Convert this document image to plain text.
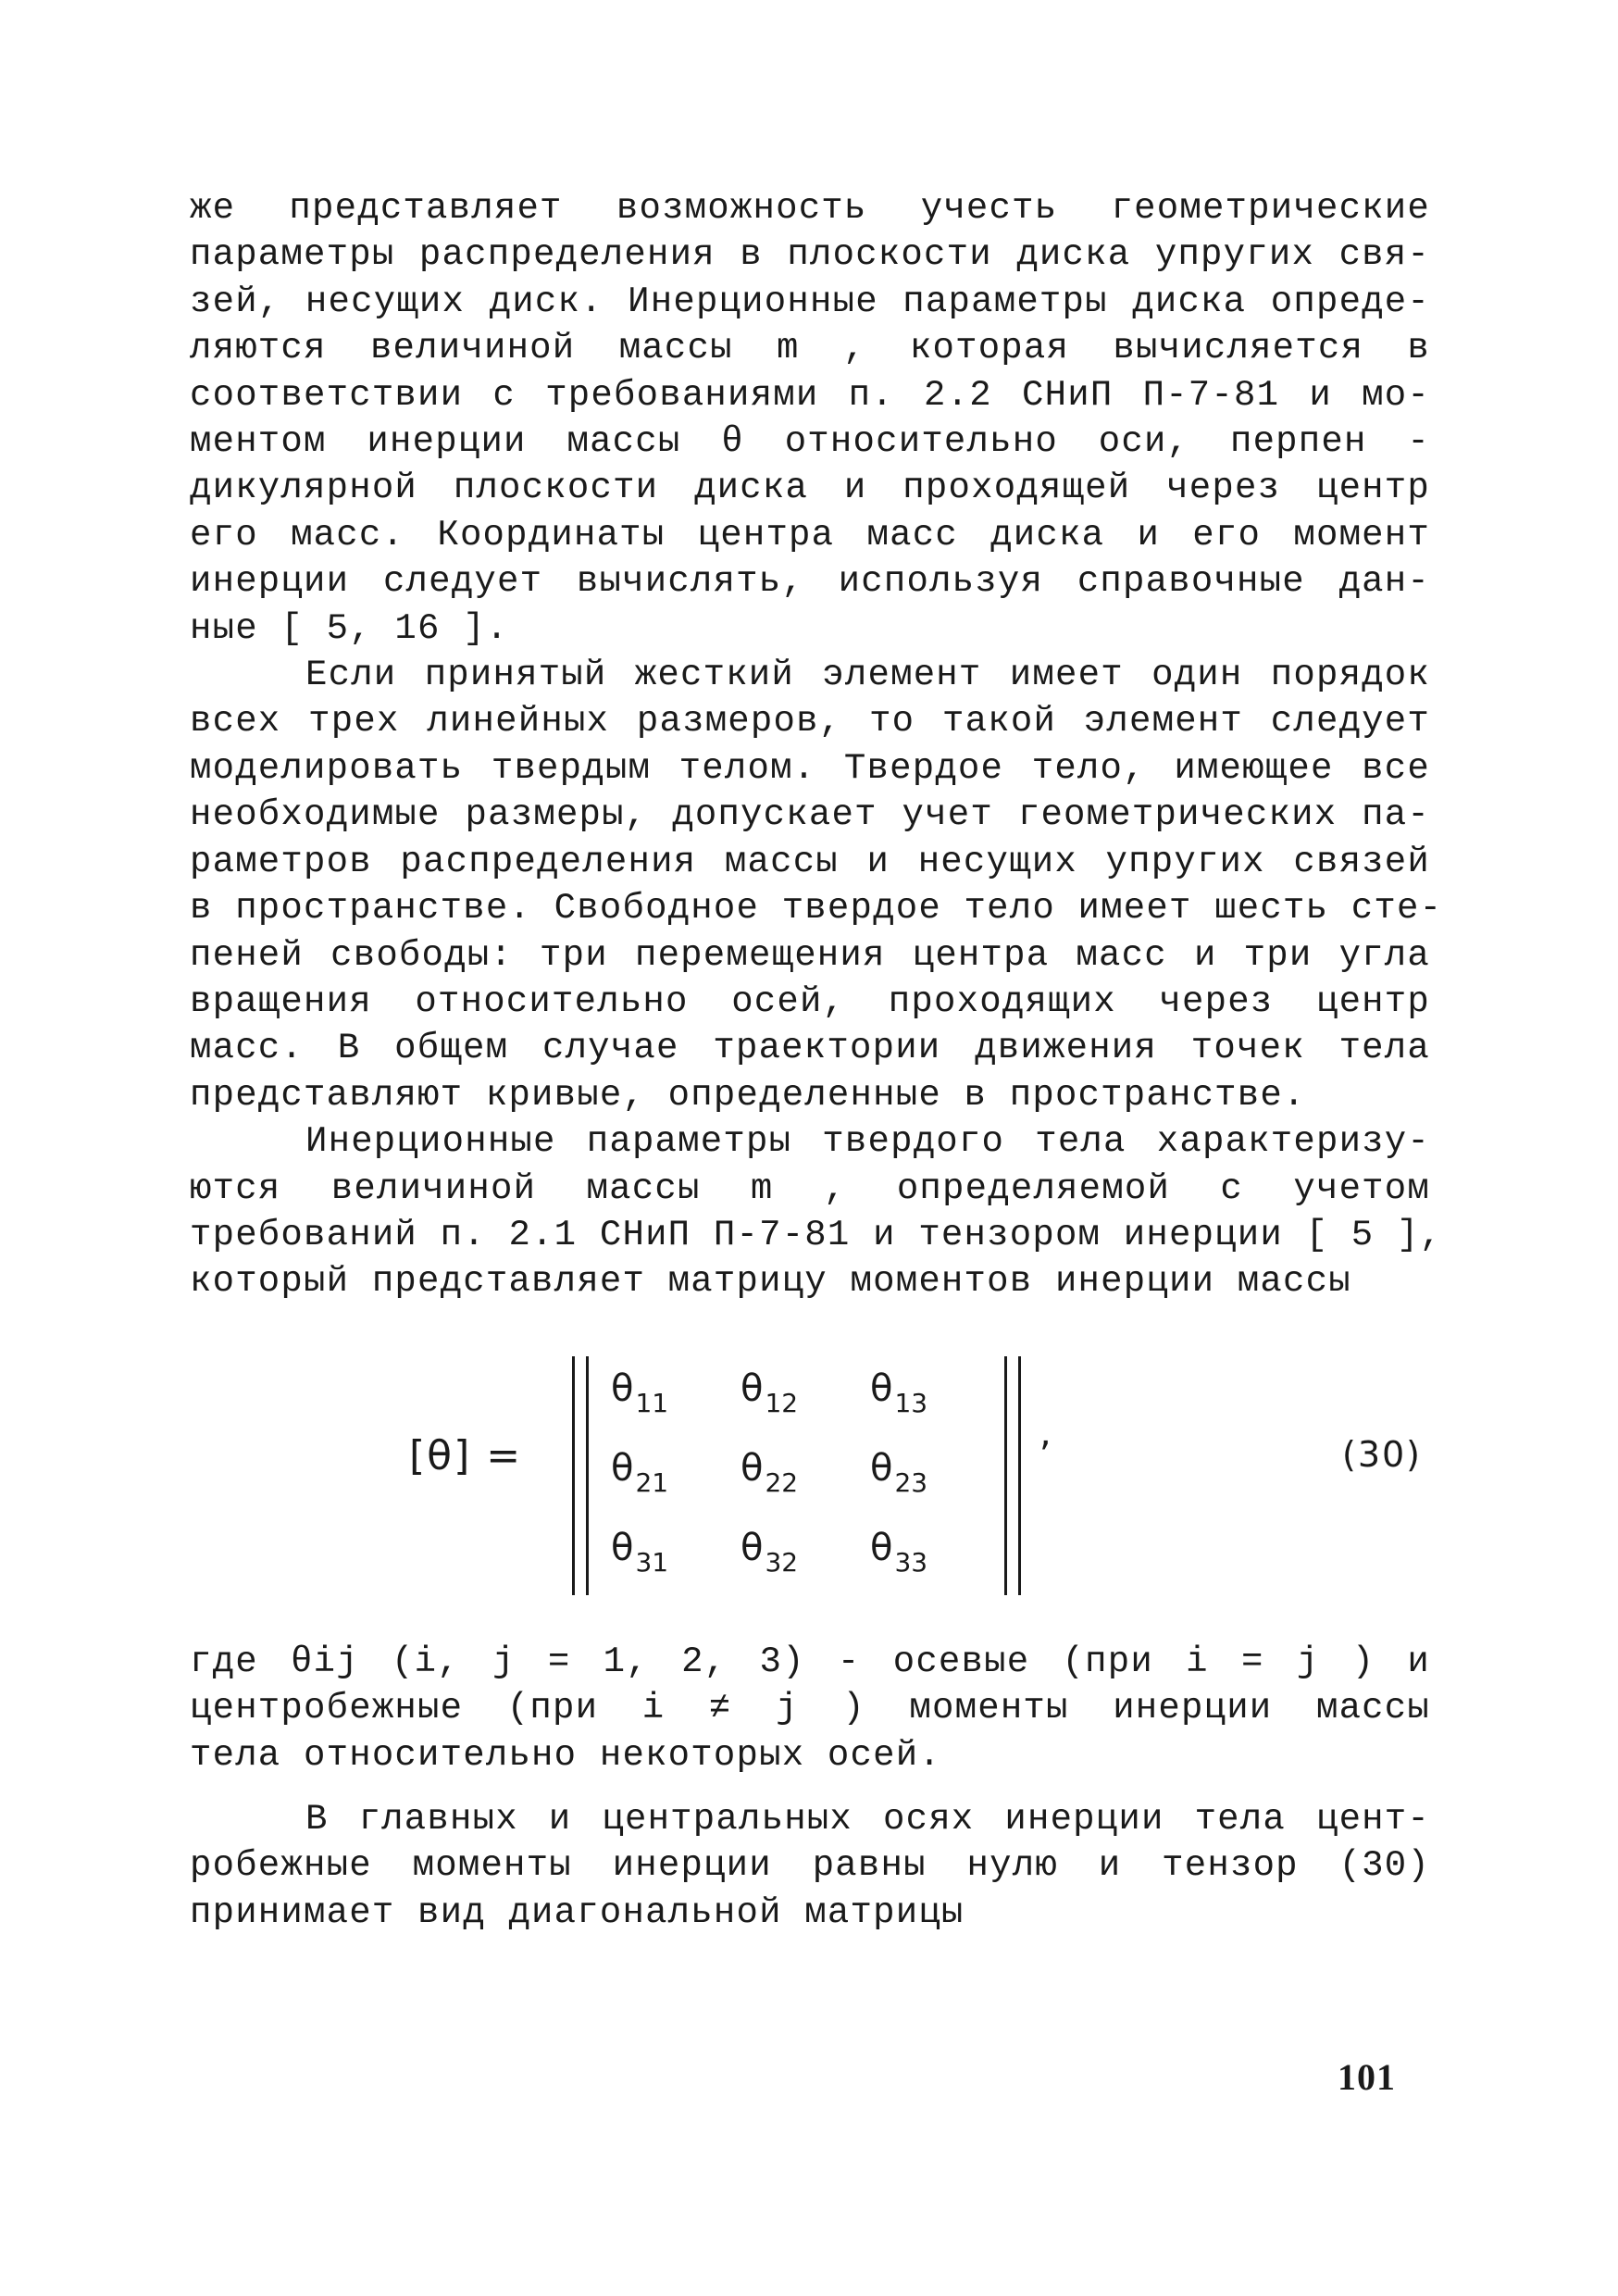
же представляет возможность учесть геометрические
параметры распределения в плоскости диска упругих свя-
зей, несущих диск. Инерционные параметры диска опреде-
ляются величиной массы m , которая вычисляется в
соответствии с требованиями п. 2.2 СНиП П-7-81 и мо-
ментом инерции массы θ относительно оси, перпен -
дикулярной плоскости диска и проходящей через центр
его масс. Координаты центра масс диска и его момент
инерции следует вычислять, используя справочные дан-
ные [ 5, 16 ].

Если принятый жесткий элемент имеет один порядок
всех трех линейных размеров, то такой элемент следует
моделировать твердым телом. Твердое тело, имеющее все
необходимые размеры, допускает учет геометрических па-
раметров распределения массы и несущих упругих связей
в пространстве. Свободное твердое тело имеет шесть сте-
пеней свободы: три перемещения центра масс и три угла
вращения относительно осей, проходящих через центр
масс. В общем случае траектории движения точек тела
представляют кривые, определенные в пространстве.

Инерционные параметры твердого тела характеризу-
ются величиной массы m , определяемой с учетом
требований п. 2.1 СНиП П-7-81 и тензором инерции [ 5 ],
который представляет матрицу моментов инерции массы

[θ] =
$\theta_{11}$	$\theta_{12}$	$\theta_{13}$
$\theta_{21}$	$\theta_{22}$	$\theta_{23}$
$\theta_{31}$	$\theta_{32}$	$\theta_{33}$
,	(30)

где θij (i, j = 1, 2, 3) - осевые (при i = j ) и
центробежные (при i ≠ j ) моменты инерции массы
тела относительно некоторых осей.

В главных и центральных осях инерции тела цент-
робежные моменты инерции равны нулю и тензор (30)
принимает вид диагональной матрицы

101
